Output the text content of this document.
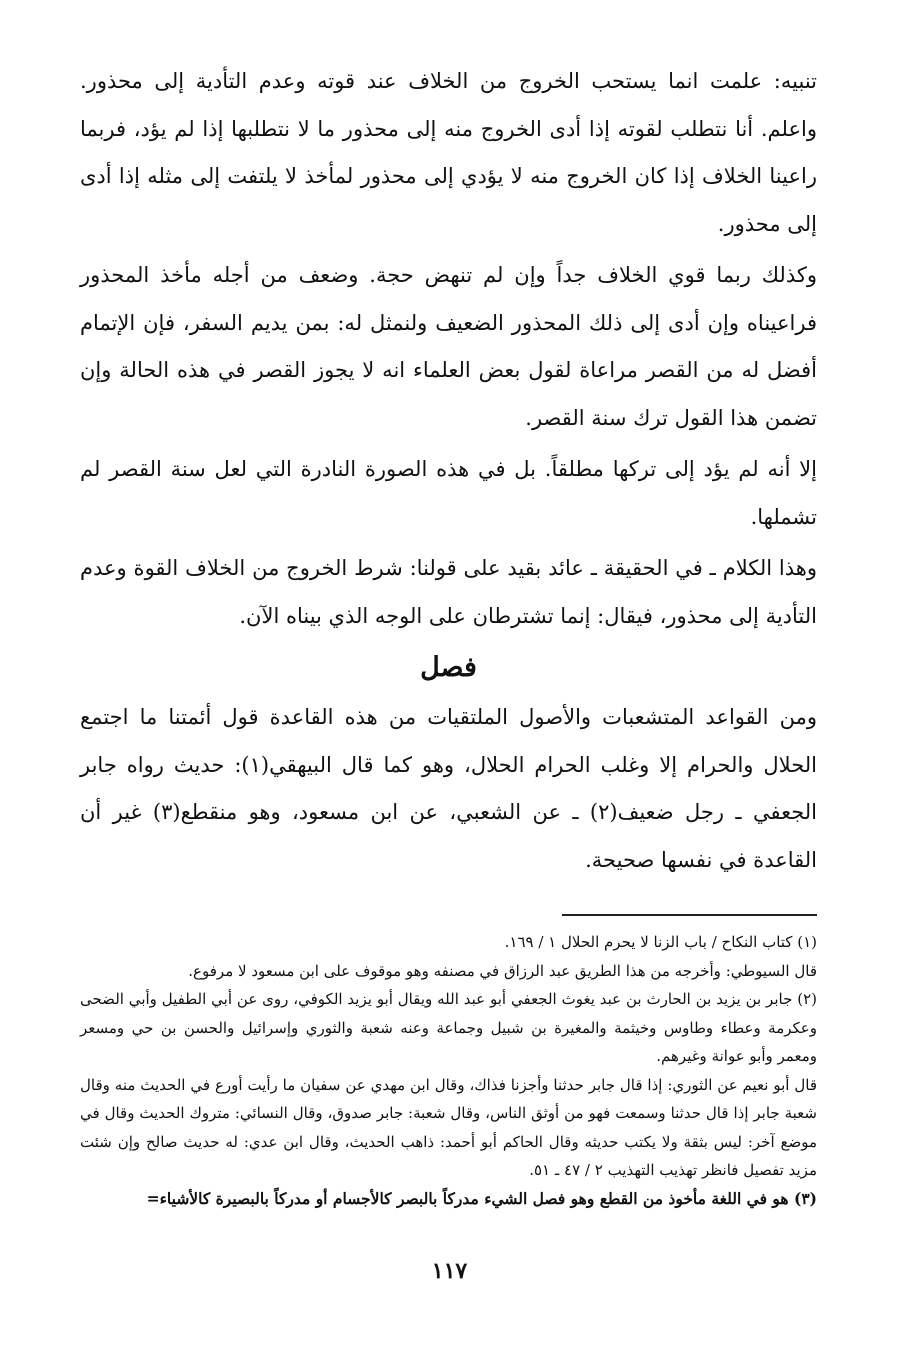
تنبيه: علمت انما يستحب الخروج من الخلاف عند قوته وعدم التأدية إلى محذور. واعلم. أنا نتطلب لقوته إذا أدى الخروج منه إلى محذور ما لا نتطلبها إذا لم يؤد، فربما راعينا الخلاف إذا كان الخروج منه لا يؤدي إلى محذور لمأخذ لا يلتفت إلى مثله إذا أدى إلى محذور.

وكذلك ربما قوي الخلاف جداً وإن لم تنهض حجة. وضعف من أجله مأخذ المحذور فراعيناه وإن أدى إلى ذلك المحذور الضعيف ولنمثل له: بمن يديم السفر، فإن الإتمام أفضل له من القصر مراعاة لقول بعض العلماء انه لا يجوز القصر في هذه الحالة وإن تضمن هذا القول ترك سنة القصر.

إلا أنه لم يؤد إلى تركها مطلقاً. بل في هذه الصورة النادرة التي لعل سنة القصر لم تشملها.

وهذا الكلام ـ في الحقيقة ـ عائد بقيد على قولنا: شرط الخروج من الخلاف القوة وعدم التأدية إلى محذور، فيقال: إنما تشترطان على الوجه الذي بيناه الآن.

فصل

ومن القواعد المتشعبات والأصول الملتقيات من هذه القاعدة قول أئمتنا ما اجتمع الحلال والحرام إلا وغلب الحرام الحلال، وهو كما قال البيهقي(١): حديث رواه جابر الجعفي ـ رجل ضعيف(٢) ـ عن الشعبي، عن ابن مسعود، وهو منقطع(٣) غير أن القاعدة في نفسها صحيحة.

(١) كتاب النكاح / باب الزنا لا يحرم الحلال ١ / ١٦٩.

قال السيوطي: وأخرجه من هذا الطريق عبد الرزاق في مصنفه وهو موقوف على ابن مسعود لا مرفوع.

(٢) جابر بن يزيد بن الحارث بن عبد يغوث الجعفي أبو عبد الله ويقال أبو يزيد الكوفي، روى عن أبي الطفيل وأبي الضحى وعكرمة وعطاء وطاوس وخيثمة والمغيرة بن شبيل وجماعة وعنه شعبة والثوري وإسرائيل والحسن بن حي ومسعر ومعمر وأبو عوانة وغيرهم.

قال أبو نعيم عن الثوري: إذا قال جابر حدثنا وأجزنا فذاك، وقال ابن مهدي عن سفيان ما رأيت أورع في الحديث منه وقال شعبة جابر إذا قال حدثنا وسمعت فهو من أوثق الناس، وقال شعبة: جابر صدوق، وقال النسائي: متروك الحديث وقال في موضع آخر: ليس بثقة ولا يكتب حديثه وقال الحاكم أبو أحمد: ذاهب الحديث، وقال ابن عدي: له حديث صالح وإن شئت مزيد تفصيل فانظر تهذيب التهذيب ٢ / ٤٧ ـ ٥١.

(٣) هو في اللغة مأخوذ من القطع وهو فصل الشيء مدركاً بالبصر كالأجسام أو مدركاً بالبصيرة كالأشياء=

١١٧
